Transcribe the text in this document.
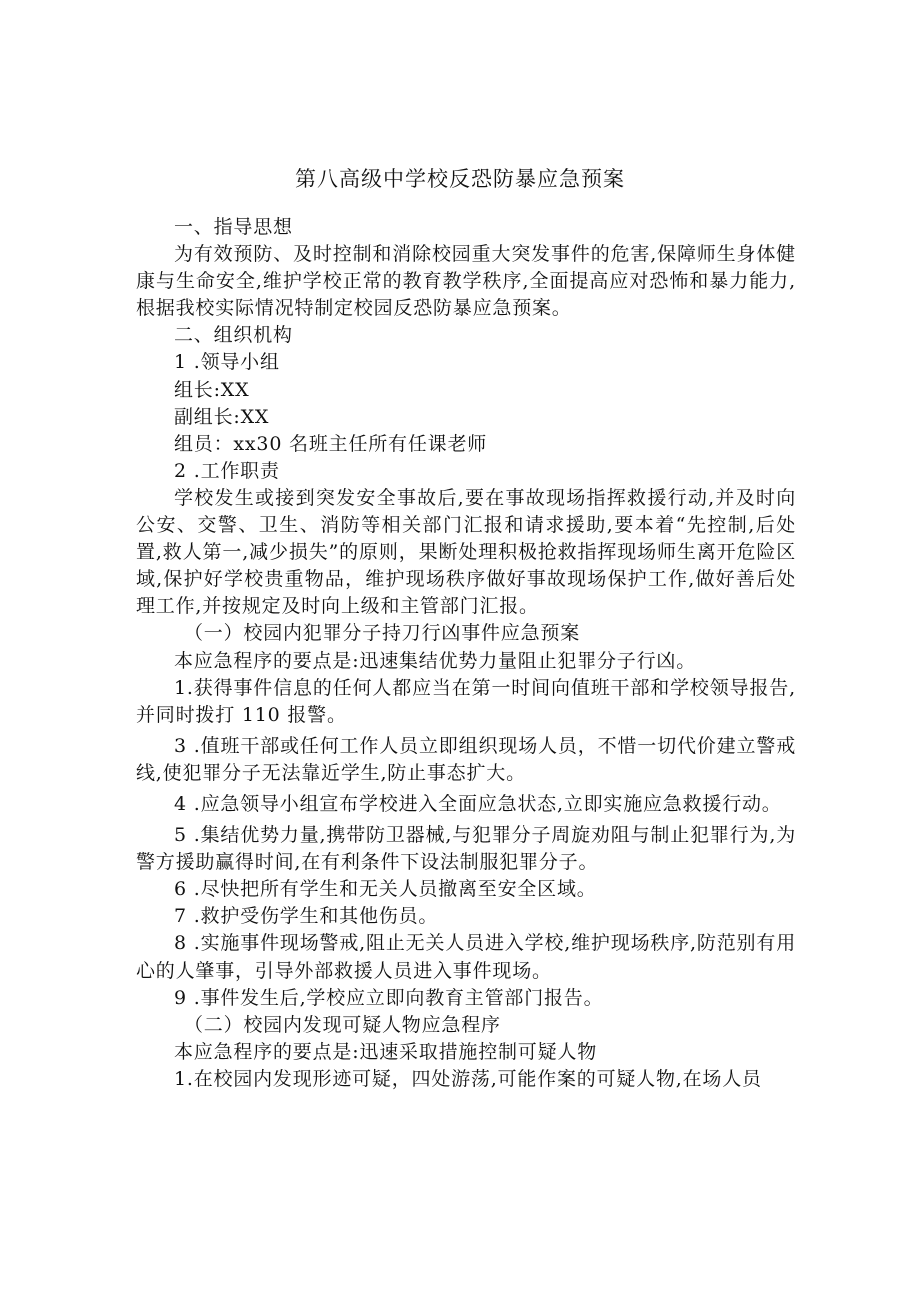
第八高级中学校反恐防暴应急预案

一、指导思想

为有效预防、及时控制和消除校园重大突发事件的危害,保障师生身体健康与生命安全,维护学校正常的教育教学秩序,全面提高应对恐怖和暴力能力,根据我校实际情况特制定校园反恐防暴应急预案。

二、组织机构

1 .领导小组

组长:XX

副组长:XX

组员：xx30 名班主任所有任课老师

2 .工作职责

学校发生或接到突发安全事故后,要在事故现场指挥救援行动,并及时向公安、交警、卫生、消防等相关部门汇报和请求援助,要本着“先控制,后处置,救人第一,减少损失”的原则，果断处理积极抢救指挥现场师生离开危险区域,保护好学校贵重物品，维护现场秩序做好事故现场保护工作,做好善后处理工作,并按规定及时向上级和主管部门汇报。

（一）校园内犯罪分子持刀行凶事件应急预案

本应急程序的要点是:迅速集结优势力量阻止犯罪分子行凶。

1.获得事件信息的任何人都应当在第一时间向值班干部和学校领导报告,并同时拨打 110 报警。

3 .值班干部或任何工作人员立即组织现场人员，不惜一切代价建立警戒线,使犯罪分子无法靠近学生,防止事态扩大。

4 .应急领导小组宣布学校进入全面应急状态,立即实施应急救援行动。

5 .集结优势力量,携带防卫器械,与犯罪分子周旋劝阻与制止犯罪行为,为警方援助赢得时间,在有利条件下设法制服犯罪分子。

6 .尽快把所有学生和无关人员撤离至安全区域。

7 .救护受伤学生和其他伤员。

8 .实施事件现场警戒,阻止无关人员进入学校,维护现场秩序,防范别有用心的人肇事，引导外部救援人员进入事件现场。

9 .事件发生后,学校应立即向教育主管部门报告。

（二）校园内发现可疑人物应急程序

本应急程序的要点是:迅速采取措施控制可疑人物

1.在校园内发现形迹可疑，四处游荡,可能作案的可疑人物,在场人员
